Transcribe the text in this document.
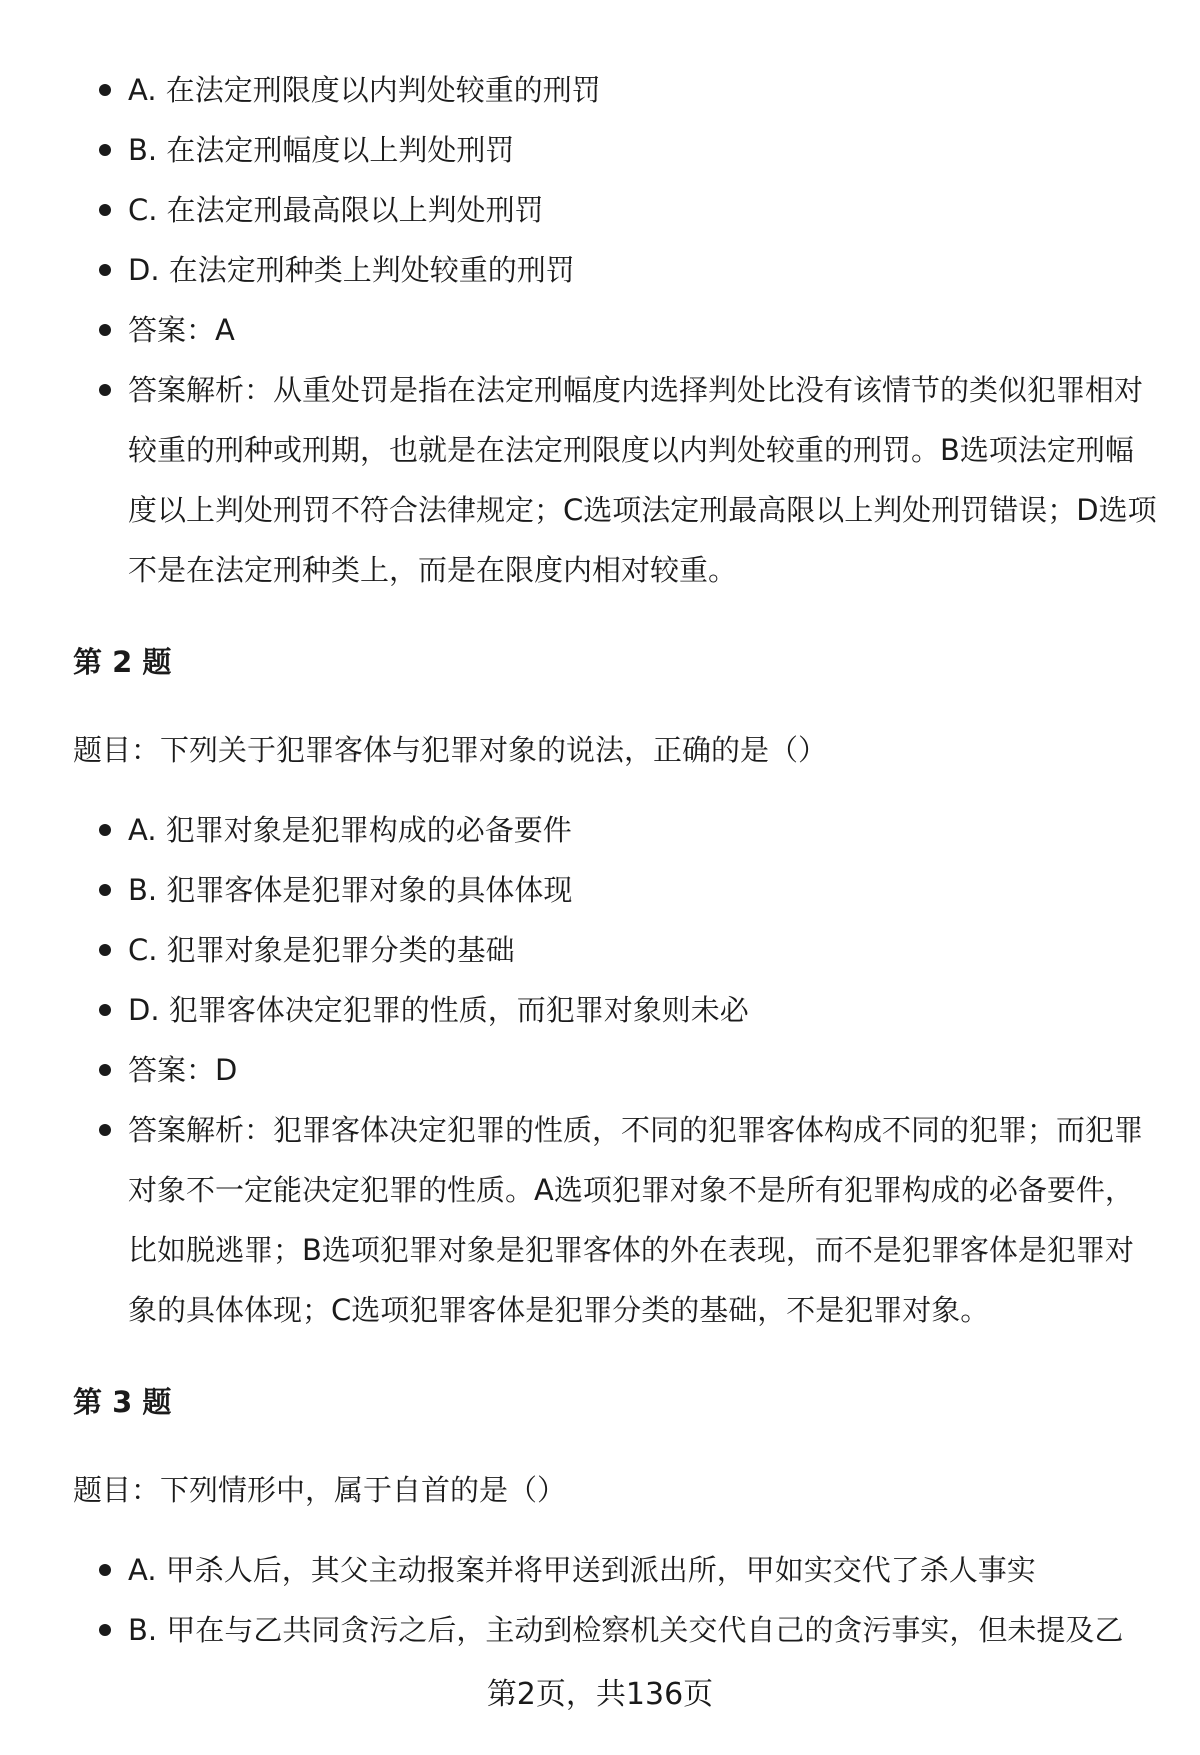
A. 在法定刑限度以内判处较重的刑罚
B. 在法定刑幅度以上判处刑罚
C. 在法定刑最高限以上判处刑罚
D. 在法定刑种类上判处较重的刑罚
答案：A
答案解析：从重处罚是指在法定刑幅度内选择判处比没有该情节的类似犯罪相对较重的刑种或刑期，也就是在法定刑限度以内判处较重的刑罚。B选项法定刑幅度以上判处刑罚不符合法律规定；C选项法定刑最高限以上判处刑罚错误；D选项不是在法定刑种类上，而是在限度内相对较重。
第 2 题
题目：下列关于犯罪客体与犯罪对象的说法，正确的是（）
A. 犯罪对象是犯罪构成的必备要件
B. 犯罪客体是犯罪对象的具体体现
C. 犯罪对象是犯罪分类的基础
D. 犯罪客体决定犯罪的性质，而犯罪对象则未必
答案：D
答案解析：犯罪客体决定犯罪的性质，不同的犯罪客体构成不同的犯罪；而犯罪对象不一定能决定犯罪的性质。A选项犯罪对象不是所有犯罪构成的必备要件，比如脱逃罪；B选项犯罪对象是犯罪客体的外在表现，而不是犯罪客体是犯罪对象的具体体现；C选项犯罪客体是犯罪分类的基础，不是犯罪对象。
第 3 题
题目：下列情形中，属于自首的是（）
A. 甲杀人后，其父主动报案并将甲送到派出所，甲如实交代了杀人事实
B. 甲在与乙共同贪污之后，主动到检察机关交代自己的贪污事实，但未提及乙
第2页，共136页
